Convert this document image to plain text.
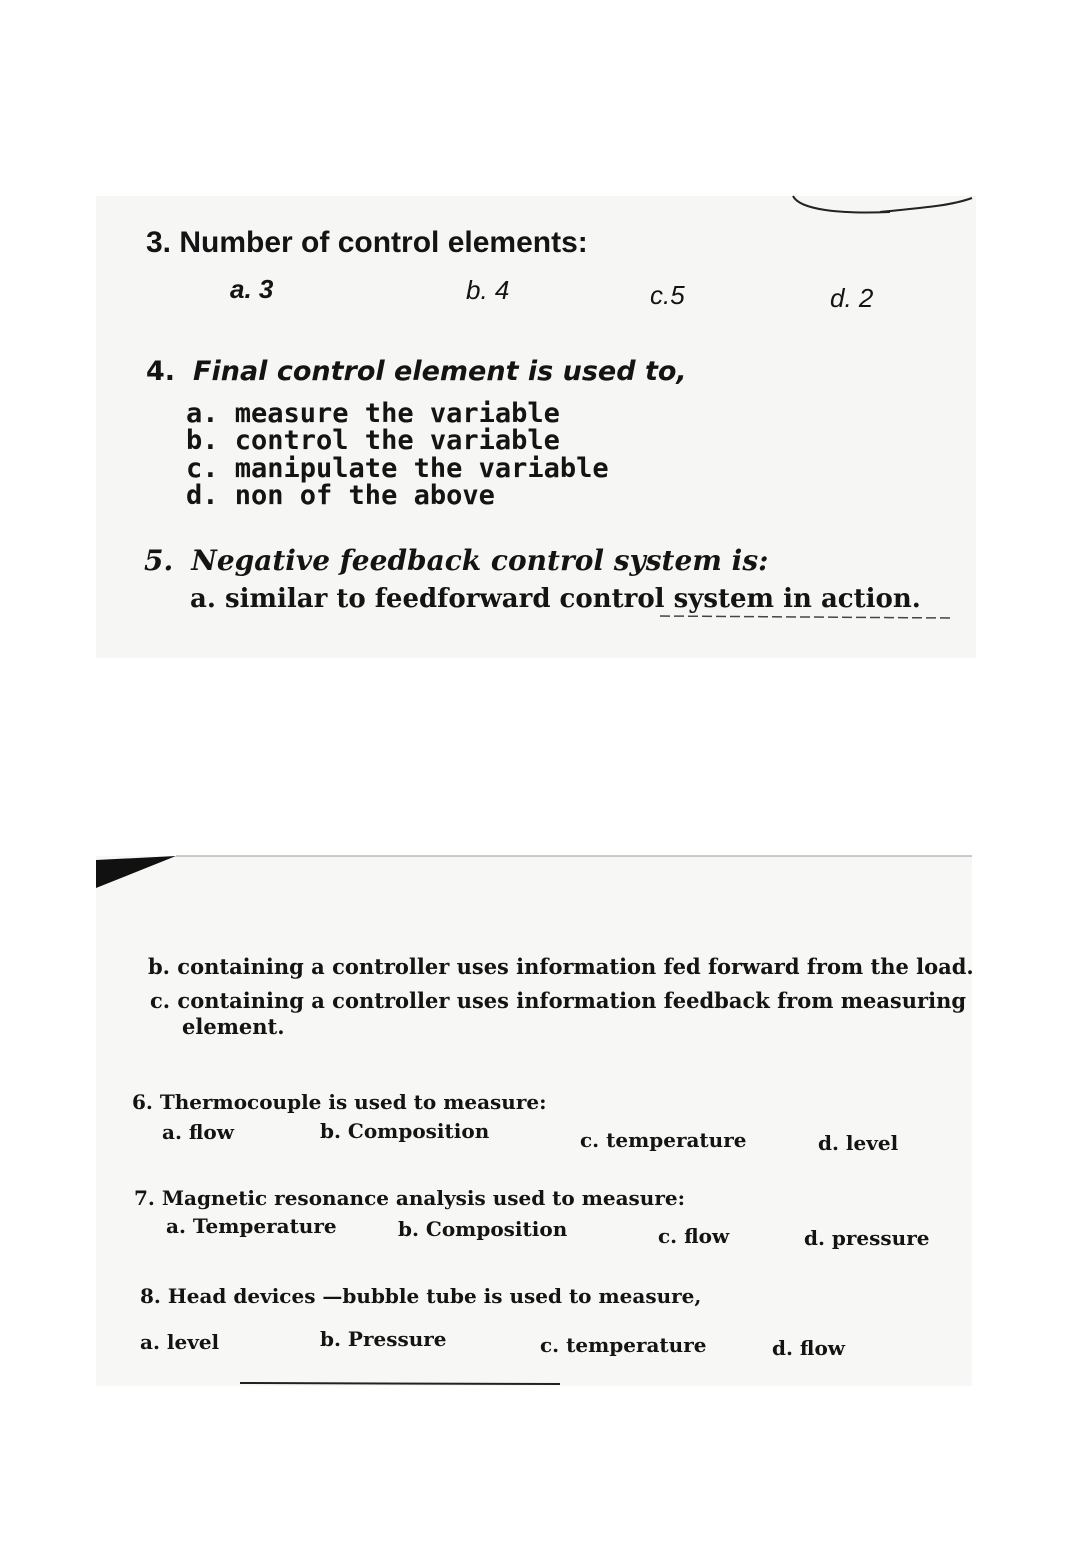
3. Number of control elements:
a. 3	b. 4	c.5	d. 2
4. Final control element is used to,
a. measure the variable
b. control the variable
c. manipulate the variable
d. non of the above
5. Negative feedback control system is:
a. similar to feedforward control system in action.
b. containing a controller uses information fed forward from the load.
c. containing a controller uses information feedback from measuring
element.
6. Thermocouple is used to measure:
a. flow	b. Composition	c. temperature	d. level
7. Magnetic resonance analysis used to measure:
a. Temperature	b. Composition	c. flow	d. pressure
8. Head devices —bubble tube is used to measure,
a. level	b. Pressure	c. temperature	d. flow
